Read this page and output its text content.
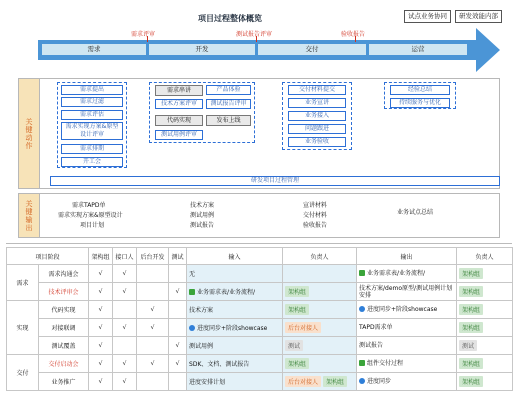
项目过程整体概览	试点业务协同	研发效能内部
需求评审	测试报告评审	验收报告
需求	开发	交付	运营
关键动作
需求提出
需求过滤
需求评估
需求实现方案&原型设计评审
需求排期
开工会
需求串讲
技术方案评审
代码实现
测试用例评审
产品体验
测试报告评审
发布上线
交付材料提交
业务宣讲
业务接入
问题跟进
业务验收
经验总结
持续服务与优化
研发项目过程管理
关键输出	需求TAPD单
需求实现方案&原型设计
项目计划
技术方案
测试用例
测试报告
宣讲材料
交付材料
验收报告
业务试点总结
项目阶段		架构组	接口人	后台开发	测试	输入	负责人	输出	负责人
需求	需求沟通会	√	√			无		业务需求表/业务流程/	架构组
	技术评审会	√	√		√	业务需求表/业务流程/	架构组	技术方案/demo原型/测试用例计划安排	架构组
实现	代码实现	√		√		技术方案	架构组	进度同步+阶段showcase	架构组
	对接联调	√	√	√		进度同步+阶段showcase	后台对接人	TAPD需求单	架构组
	测试覆盖	√			√	测试用例	测试	测试报告	测试
交付	交付启动会	√	√	√	√	SDK、文档、测试报告	架构组	组件交付过程	架构组
	业务推广	√	√			进度安排计划	后台对接人 架构组	进度同步	架构组
